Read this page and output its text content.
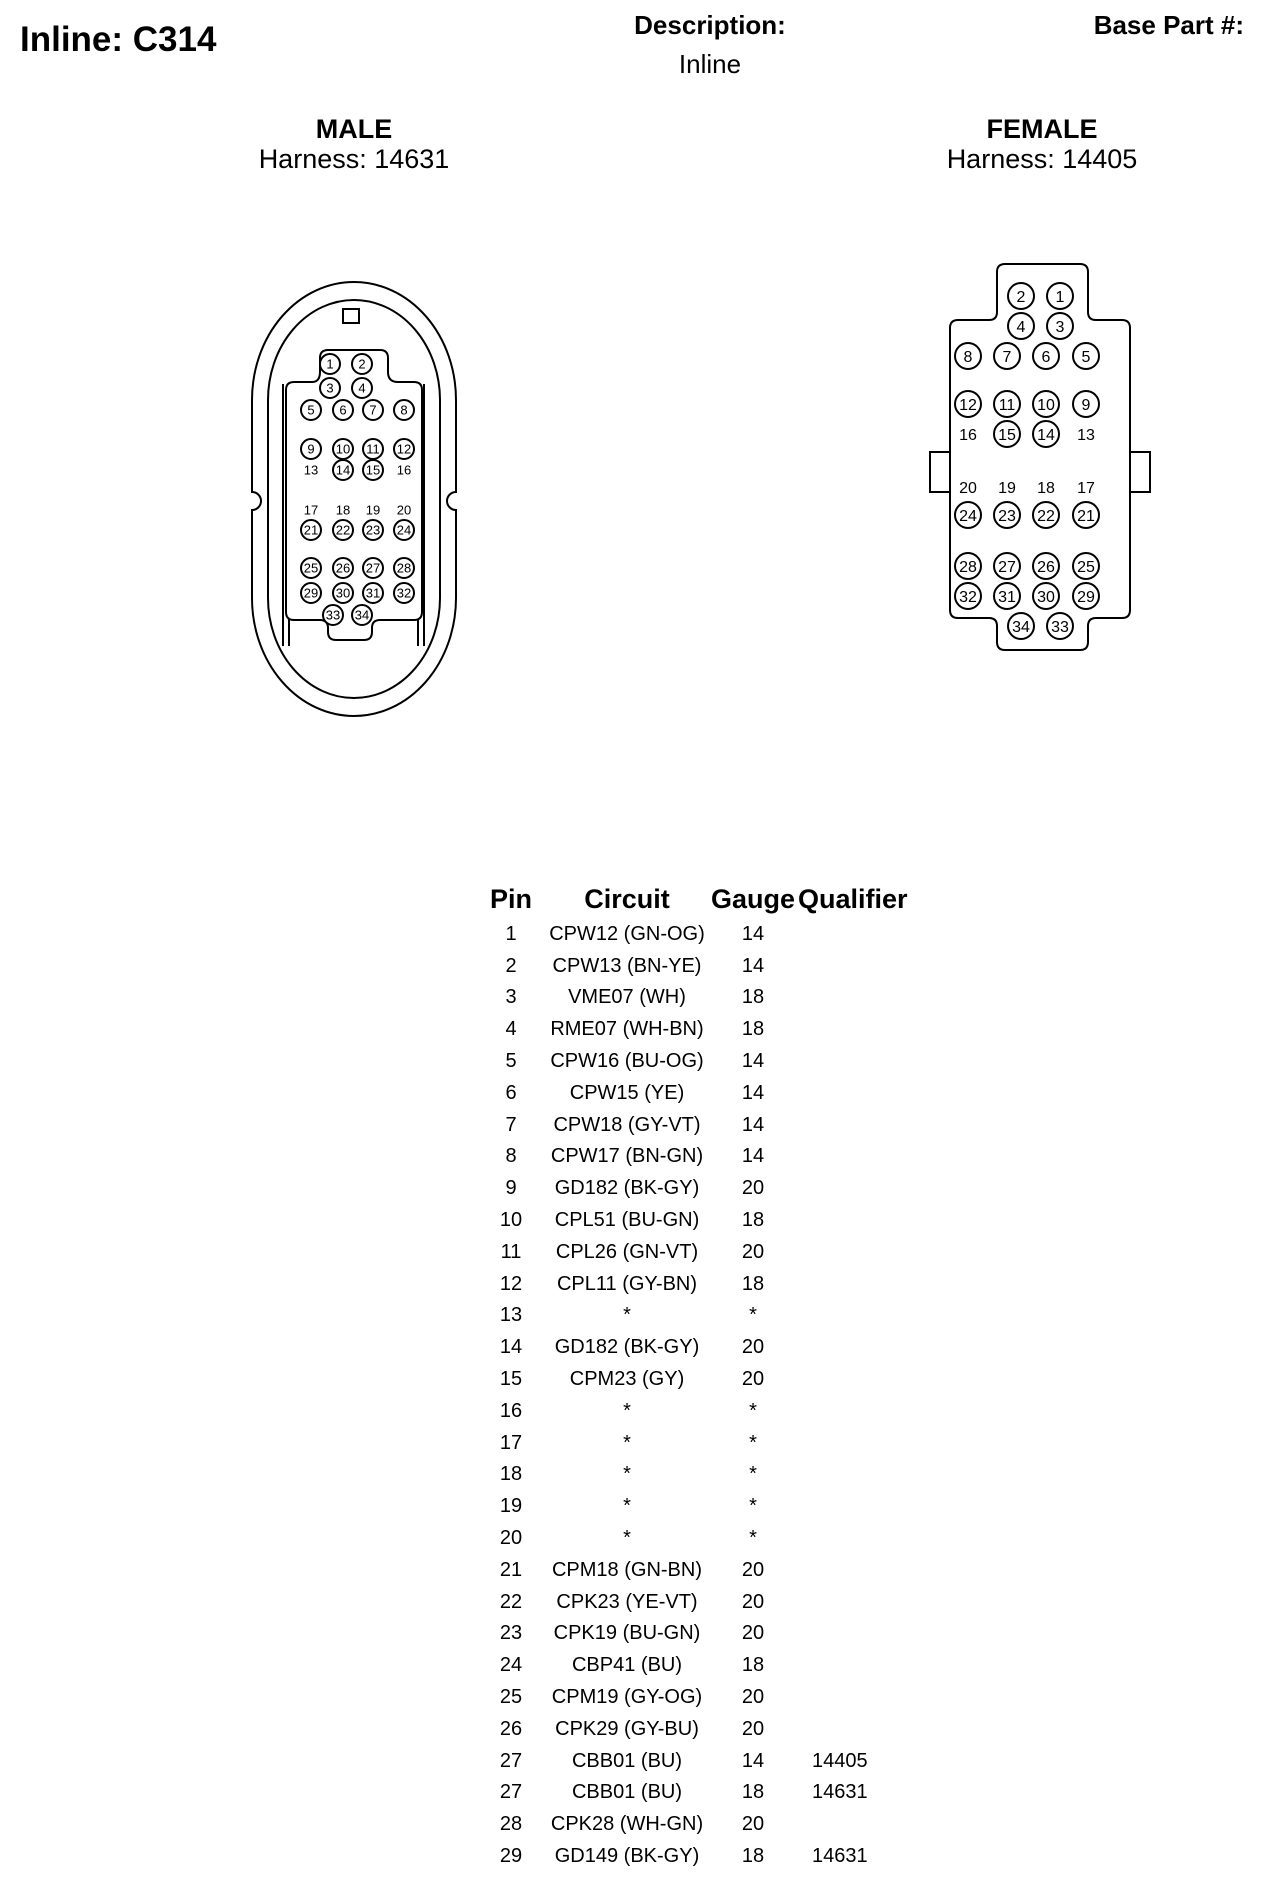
Inline: C314	Description:
Inline
Base Part #:
MALE
Harness: 14631
FEMALE
Harness: 14405
1 2
3 4
5 6 7 8
9 10 11 12
14 15
21 22 23 24
25 26 27 28
29 30 31 32
33 34
13	16
17 18 19 20
2 1
4 3
8 7 6 5
12 11 10 9
15 14
24 23 22 21
28 27 26 25
32 31 30 29
34 33
16	13
20 19 18 17
Pin	Circuit	Gauge	Qualifier
1	CPW12 (GN-OG)	14	
2	CPW13 (BN-YE)	14	
3	VME07 (WH)	18	
4	RME07 (WH-BN)	18	
5	CPW16 (BU-OG)	14	
6	CPW15 (YE)	14	
7	CPW18 (GY-VT)	14	
8	CPW17 (BN-GN)	14	
9	GD182 (BK-GY)	20	
10	CPL51 (BU-GN)	18	
11	CPL26 (GN-VT)	20	
12	CPL11 (GY-BN)	18	
13	*	*	
14	GD182 (BK-GY)	20	
15	CPM23 (GY)	20	
16	*	*	
17	*	*	
18	*	*	
19	*	*	
20	*	*	
21	CPM18 (GN-BN)	20	
22	CPK23 (YE-VT)	20	
23	CPK19 (BU-GN)	20	
24	CBP41 (BU)	18	
25	CPM19 (GY-OG)	20	
26	CPK29 (GY-BU)	20	
27	CBB01 (BU)	14	14405
27	CBB01 (BU)	18	14631
28	CPK28 (WH-GN)	20	
29	GD149 (BK-GY)	18	14631
